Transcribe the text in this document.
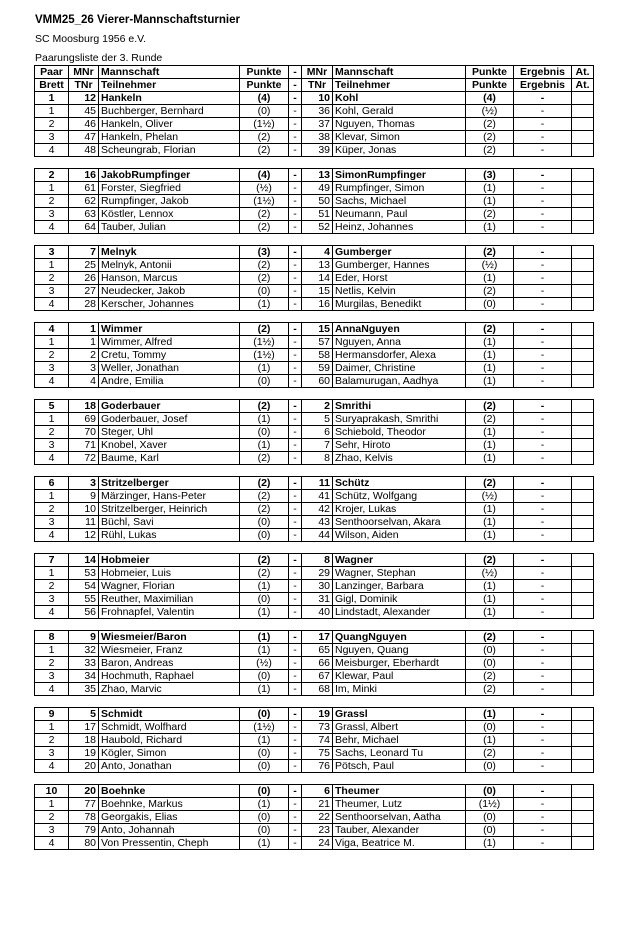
VMM25_26 Vierer-Mannschaftsturnier
SC Moosburg 1956 e.V.
Paarungsliste der 3. Runde
Paar	MNr	Mannschaft	Punkte	-	MNr	Mannschaft	Punkte	Ergebnis	At.
Brett	TNr	Teilnehmer	Punkte	-	TNr	Teilnehmer	Punkte	Ergebnis	At.
1	12	Hankeln	(4)	-	10	Kohl	(4)	-	
1	45	Buchberger, Bernhard	(0)	-	36	Kohl, Gerald	(½)	-	
2	46	Hankeln, Oliver	(1½)	-	37	Nguyen, Thomas	(2)	-	
3	47	Hankeln, Phelan	(2)	-	38	Klevar, Simon	(2)	-	
4	48	Scheungrab, Florian	(2)	-	39	Küper, Jonas	(2)	-	

2	16	JakobRumpfinger	(4)	-	13	SimonRumpfinger	(3)	-	
1	61	Forster, Siegfried	(½)	-	49	Rumpfinger, Simon	(1)	-	
2	62	Rumpfinger, Jakob	(1½)	-	50	Sachs, Michael	(1)	-	
3	63	Köstler, Lennox	(2)	-	51	Neumann, Paul	(2)	-	
4	64	Tauber, Julian	(2)	-	52	Heinz, Johannes	(1)	-	

3	7	Melnyk	(3)	-	4	Gumberger	(2)	-	
1	25	Melnyk, Antonii	(2)	-	13	Gumberger, Hannes	(½)	-	
2	26	Hanson, Marcus	(2)	-	14	Eder, Horst	(1)	-	
3	27	Neudecker, Jakob	(0)	-	15	Netlis, Kelvin	(2)	-	
4	28	Kerscher, Johannes	(1)	-	16	Murgilas, Benedikt	(0)	-	

4	1	Wimmer	(2)	-	15	AnnaNguyen	(2)	-	
1	1	Wimmer, Alfred	(1½)	-	57	Nguyen, Anna	(1)	-	
2	2	Cretu, Tommy	(1½)	-	58	Hermansdorfer, Alexa	(1)	-	
3	3	Weller, Jonathan	(1)	-	59	Daimer, Christine	(1)	-	
4	4	Andre, Emilia	(0)	-	60	Balamurugan, Aadhya	(1)	-	

5	18	Goderbauer	(2)	-	2	Smrithi	(2)	-	
1	69	Goderbauer, Josef	(1)	-	5	Suryaprakash, Smrithi	(2)	-	
2	70	Steger, Uhl	(0)	-	6	Schiebold, Theodor	(1)	-	
3	71	Knobel, Xaver	(1)	-	7	Sehr, Hiroto	(1)	-	
4	72	Baume, Karl	(2)	-	8	Zhao, Kelvis	(1)	-	

6	3	Stritzelberger	(2)	-	11	Schütz	(2)	-	
1	9	Märzinger, Hans-Peter	(2)	-	41	Schütz, Wolfgang	(½)	-	
2	10	Stritzelberger, Heinrich	(2)	-	42	Krojer, Lukas	(1)	-	
3	11	Büchl, Savi	(0)	-	43	Senthoorselvan, Akara	(1)	-	
4	12	Rühl, Lukas	(0)	-	44	Wilson, Aiden	(1)	-	

7	14	Hobmeier	(2)	-	8	Wagner	(2)	-	
1	53	Hobmeier, Luis	(2)	-	29	Wagner, Stephan	(½)	-	
2	54	Wagner, Florian	(1)	-	30	Lanzinger, Barbara	(1)	-	
3	55	Reuther, Maximilian	(0)	-	31	Gigl, Dominik	(1)	-	
4	56	Frohnapfel, Valentin	(1)	-	40	Lindstadt, Alexander	(1)	-	

8	9	Wiesmeier/Baron	(1)	-	17	QuangNguyen	(2)	-	
1	32	Wiesmeier, Franz	(1)	-	65	Nguyen, Quang	(0)	-	
2	33	Baron, Andreas	(½)	-	66	Meisburger, Eberhardt	(0)	-	
3	34	Hochmuth, Raphael	(0)	-	67	Klewar, Paul	(2)	-	
4	35	Zhao, Marvic	(1)	-	68	Im, Minki	(2)	-	

9	5	Schmidt	(0)	-	19	Grassl	(1)	-	
1	17	Schmidt, Wolfhard	(1½)	-	73	Grassl, Albert	(0)	-	
2	18	Haubold, Richard	(1)	-	74	Behr, Michael	(1)	-	
3	19	Kögler, Simon	(0)	-	75	Sachs, Leonard Tu	(2)	-	
4	20	Anto, Jonathan	(0)	-	76	Pötsch, Paul	(0)	-	

10	20	Boehnke	(0)	-	6	Theumer	(0)	-	
1	77	Boehnke, Markus	(1)	-	21	Theumer, Lutz	(1½)	-	
2	78	Georgakis, Elias	(0)	-	22	Senthoorselvan, Aatha	(0)	-	
3	79	Anto, Johannah	(0)	-	23	Tauber, Alexander	(0)	-	
4	80	Von Pressentin, Cheph	(1)	-	24	Viga, Beatrice M.	(1)	-	
